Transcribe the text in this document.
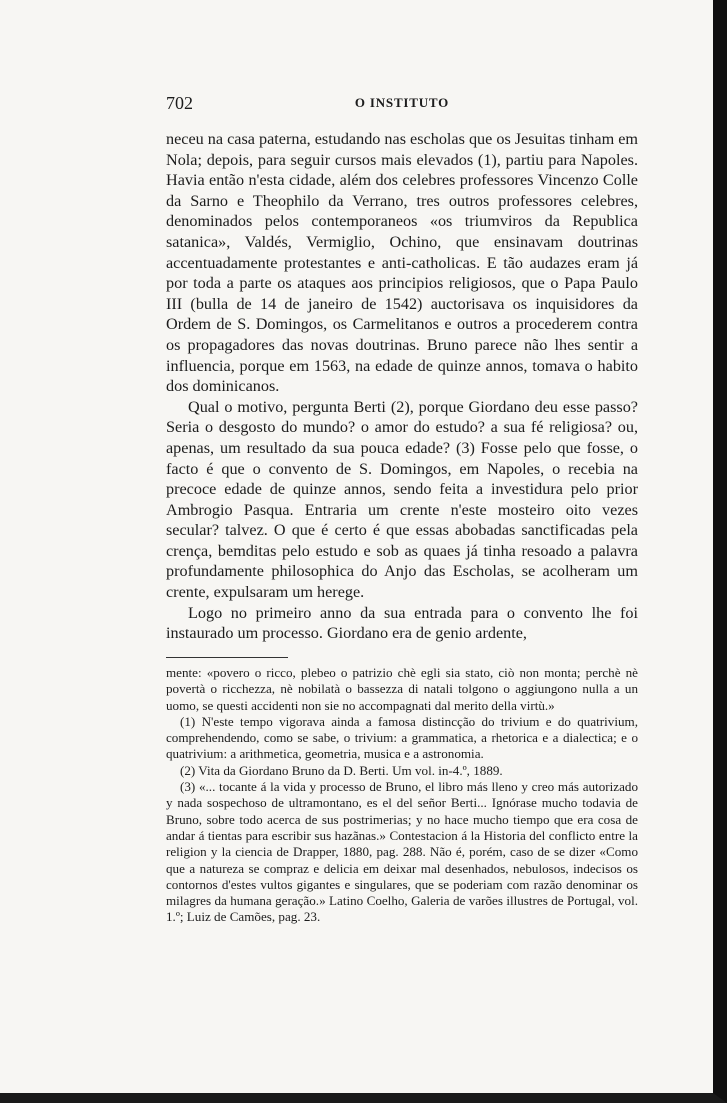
702	O INSTITUTO

neceu na casa paterna, estudando nas escholas que os Jesuitas tinham em Nola; depois, para seguir cursos mais elevados (1), partiu para Napoles. Havia então n'esta cidade, além dos celebres professores Vincenzo Colle da Sarno e Theophilo da Verrano, tres outros professores celebres, denominados pelos contemporaneos «os triumviros da Republica satanica», Valdés, Vermiglio, Ochino, que ensinavam doutrinas accentuadamente protestantes e anti-catholicas. E tão audazes eram já por toda a parte os ataques aos principios religiosos, que o Papa Paulo III (bulla de 14 de janeiro de 1542) auctorisava os inquisidores da Ordem de S. Domingos, os Carmelitanos e outros a procederem contra os propagadores das novas doutrinas. Bruno parece não lhes sentir a influencia, porque em 1563, na edade de quinze annos, tomava o habito dos dominicanos.

Qual o motivo, pergunta Berti (2), porque Giordano deu esse passo? Seria o desgosto do mundo? o amor do estudo? a sua fé religiosa? ou, apenas, um resultado da sua pouca edade? (3) Fosse pelo que fosse, o facto é que o convento de S. Domingos, em Napoles, o recebia na precoce edade de quinze annos, sendo feita a investidura pelo prior Ambrogio Pasqua. Entraria um crente n'este mosteiro oito vezes secular? talvez. O que é certo é que essas abobadas sanctificadas pela crença, bemditas pelo estudo e sob as quaes já tinha resoado a palavra profundamente philosophica do Anjo das Escholas, se acolheram um crente, expulsaram um herege.

Logo no primeiro anno da sua entrada para o convento lhe foi instaurado um processo. Giordano era de genio ardente,

mente: «povero o ricco, plebeo o patrizio chè egli sia stato, ciò non monta; perchè nè povertà o ricchezza, nè nobilatà o bassezza di natali tolgono o aggiungono nulla a un uomo, se questi accidenti non sie no accompagnati dal merito della virtù.»

(1) N'este tempo vigorava ainda a famosa distincção do trivium e do quatrivium, comprehendendo, como se sabe, o trivium: a grammatica, a rhetorica e a dialectica; e o quatrivium: a arithmetica, geometria, musica e a astronomia.

(2) Vita da Giordano Bruno da D. Berti. Um vol. in-4.º, 1889.

(3) «... tocante á la vida y processo de Bruno, el libro más lleno y creo más autorizado y nada sospechoso de ultramontano, es el del señor Berti... Ignórase mucho todavia de Bruno, sobre todo acerca de sus postrimerias; y no hace mucho tiempo que era cosa de andar á tientas para escribir sus hazãnas.» Contestacion á la Historia del conflicto entre la religion y la ciencia de Drapper, 1880, pag. 288. Não é, porém, caso de se dizer «Como que a natureza se compraz e delicia em deixar mal desenhados, nebulosos, indecisos os contornos d'estes vultos gigantes e singulares, que se poderiam com razão denominar os milagres da humana geração.» Latino Coelho, Galeria de varões illustres de Portugal, vol. 1.º; Luiz de Camões, pag. 23.
